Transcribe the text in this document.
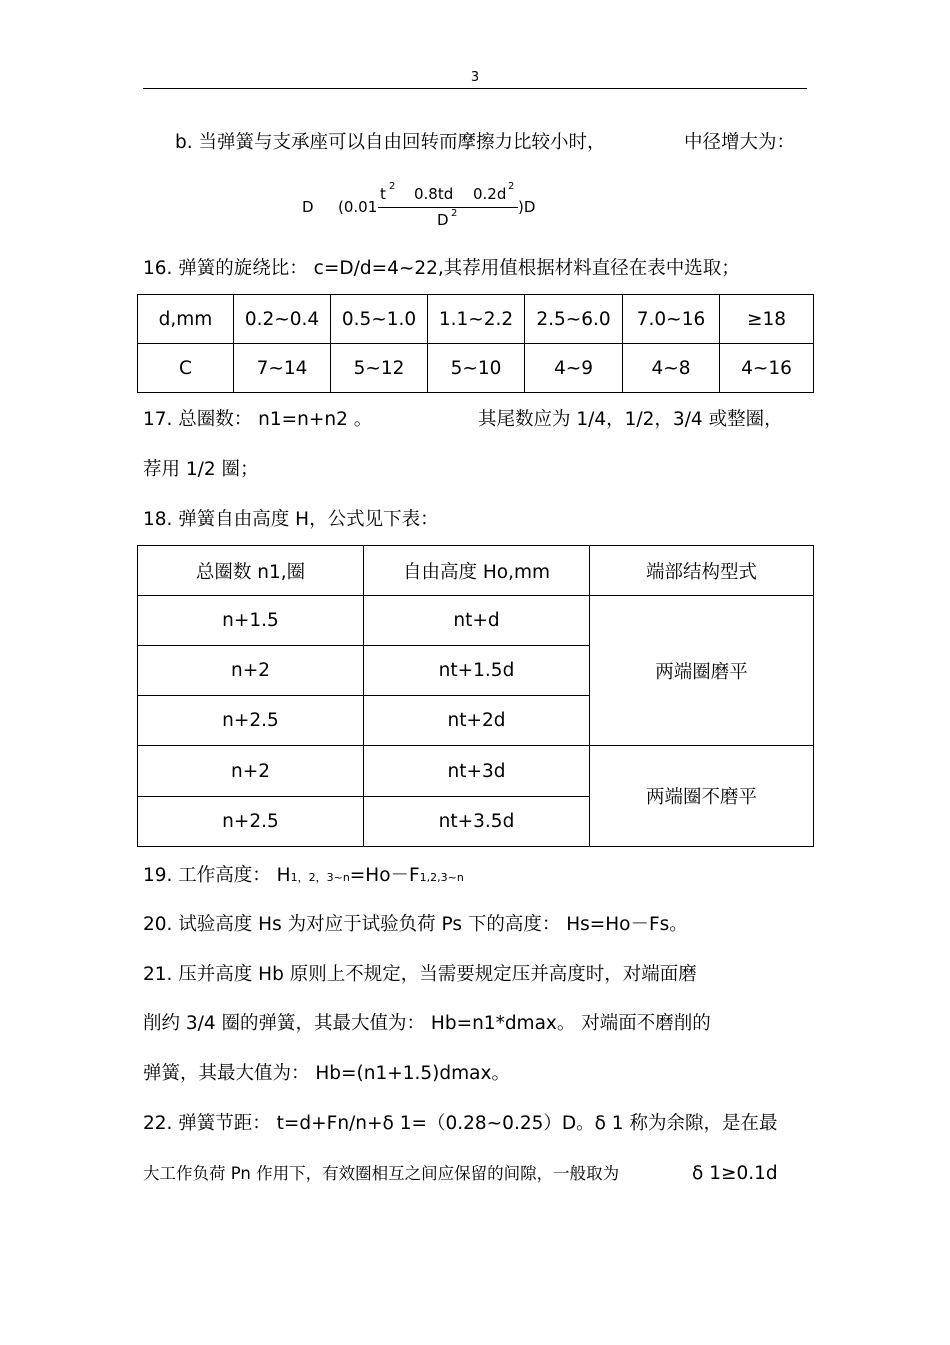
3
b. 当弹簧与支承座可以自由回转而摩擦力比较小时，	中径增大为：
D (0.01
t 2 0.8td 0.2d 2
D 2	)D
16. 弹簧的旋绕比： c=D/d=4~22,其荐用值根据材料直径在表中选取；
d,mm	0.2~0.4	0.5~1.0	1.1~2.2	2.5~6.0	7.0~16	≥18
C	7~14	5~12	5~10	4~9	4~8	4~16
17. 总圈数： n1=n+n2 。	其尾数应为 1/4，1/2，3/4 或整圈，
荐用 1/2 圈；
18. 弹簧自由高度 H，公式见下表：
总圈数 n1,圈	自由高度 Ho,mm	端部结构型式
n+1.5	nt+d	两端圈磨平
n+2	nt+1.5d	
n+2.5	nt+2d	
n+2	nt+3d	两端圈不磨平
n+2.5	nt+3.5d	
19. 工作高度： H1，2，3~n=Ho－F1,2,3~n
20. 试验高度 Hs 为对应于试验负荷 Ps 下的高度： Hs=Ho－Fs。
21. 压并高度 Hb 原则上不规定，当需要规定压并高度时，对端面磨
削约 3/4 圈的弹簧，其最大值为： Hb=n1*dmax。 对端面不磨削的
弹簧，其最大值为： Hb=(n1+1.5)dmax。
22. 弹簧节距： t=d+Fn/n+δ 1=（0.28~0.25）D。δ 1 称为余隙，是在最
大工作负荷 Pn 作用下，有效圈相互之间应保留的间隙，一般取为	δ 1≥0.1d
